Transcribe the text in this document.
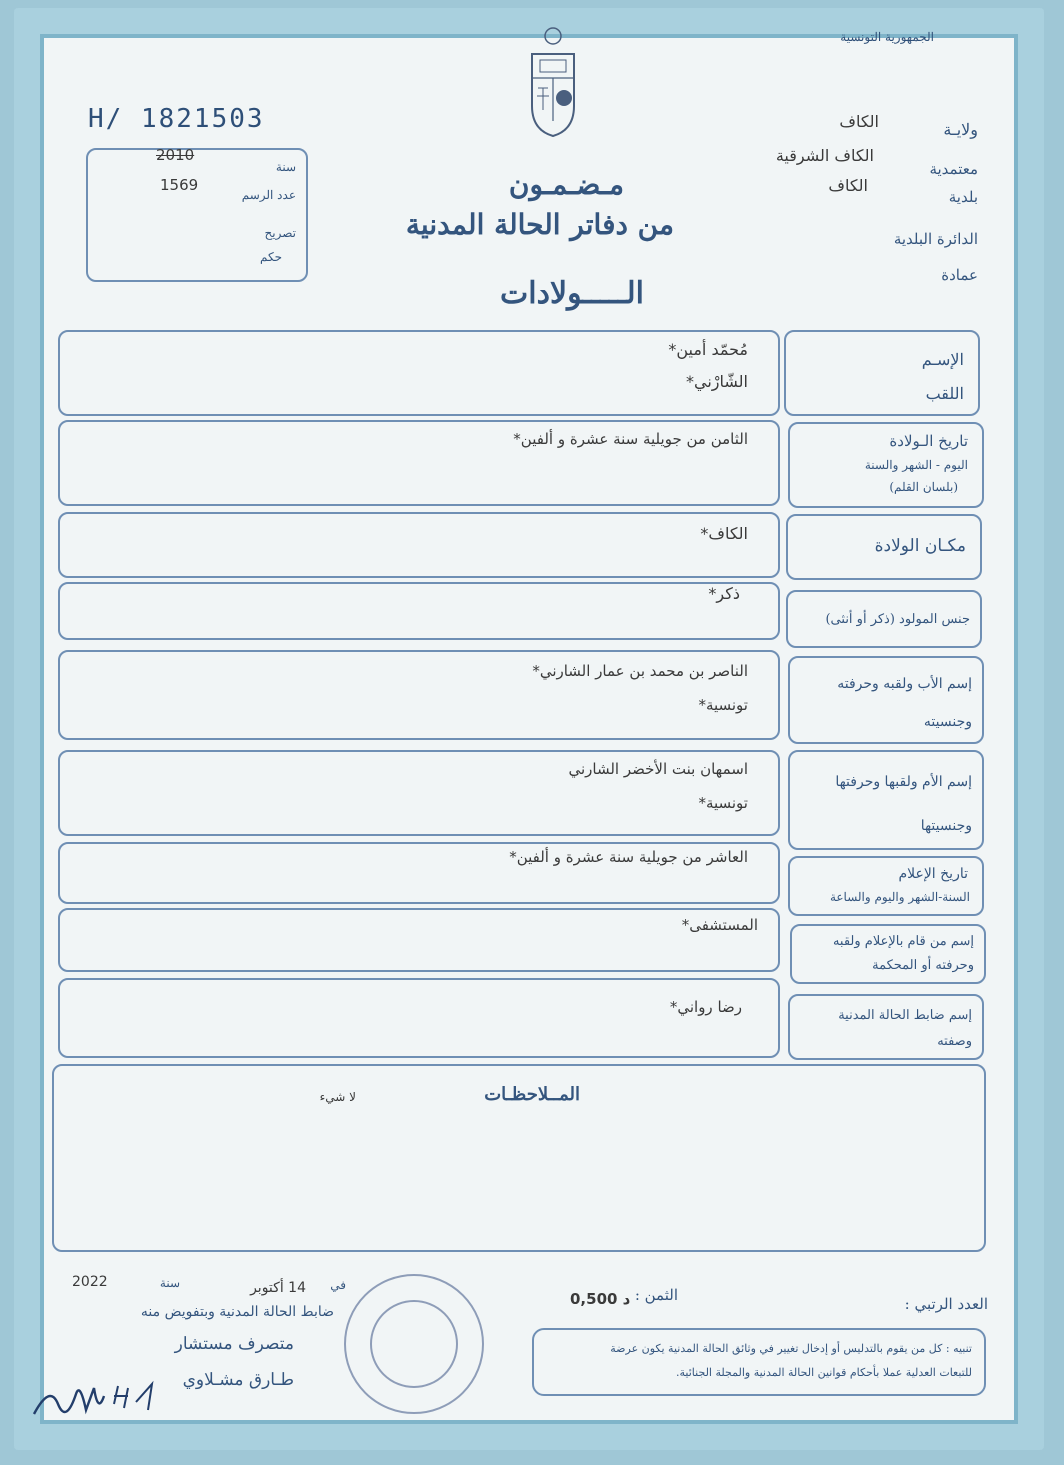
الجمهورية التونسية
H/ 1821503
سنة
2010
عدد الرسم
1569
تصريح
حكم
مـضـمـون
من دفاتر الحالة المدنية
الـــــولادات
ولايـة
الكاف
معتمدية
الكاف الشرقية
بلدية
الكاف
الدائرة البلدية
عمادة
مُحمّد أمين*
الشّارْني*
الإسـم
اللقب
الثامن من جويلية سنة عشرة و ألفين*	تاريخ الـولادة
اليوم - الشهر والسنة
(بلسان القلم)
الكاف*
مكـان الولادة
ذكر*
جنس المولود (ذكر أو أنثى)
الناصر بن محمد بن عمار الشارني*
تونسية*
إسم الأب ولقبه وحرفته
وجنسيته
اسمهان بنت الأخضر الشارني
تونسية*
إسم الأم ولقبها وحرفتها
وجنسيتها
العاشر من جويلية سنة عشرة و ألفين*
تاريخ الإعلام
السنة-الشهر واليوم والساعة
المستشفى*
إسم من قام بالإعلام ولقبه
وحرفته أو المحكمة
رضا رواني*	إسم ضابط الحالة المدنية
وصفته
المــلاحظـات
لا شيء
العدد الرتبي :
الثمن :
0,500 د
في
14 أكتوبر
سنة
2022
ضابط الحالة المدنية وبتفويض منه
متصرف مستشار
طـارق مشـلاوي
تنبيه : كل من يقوم بالتدليس أو إدخال تغيير في وثائق الحالة المدنية يكون عرضة
للتبعات العدلية عملا بأحكام قوانين الحالة المدنية والمجلة الجنائية.
